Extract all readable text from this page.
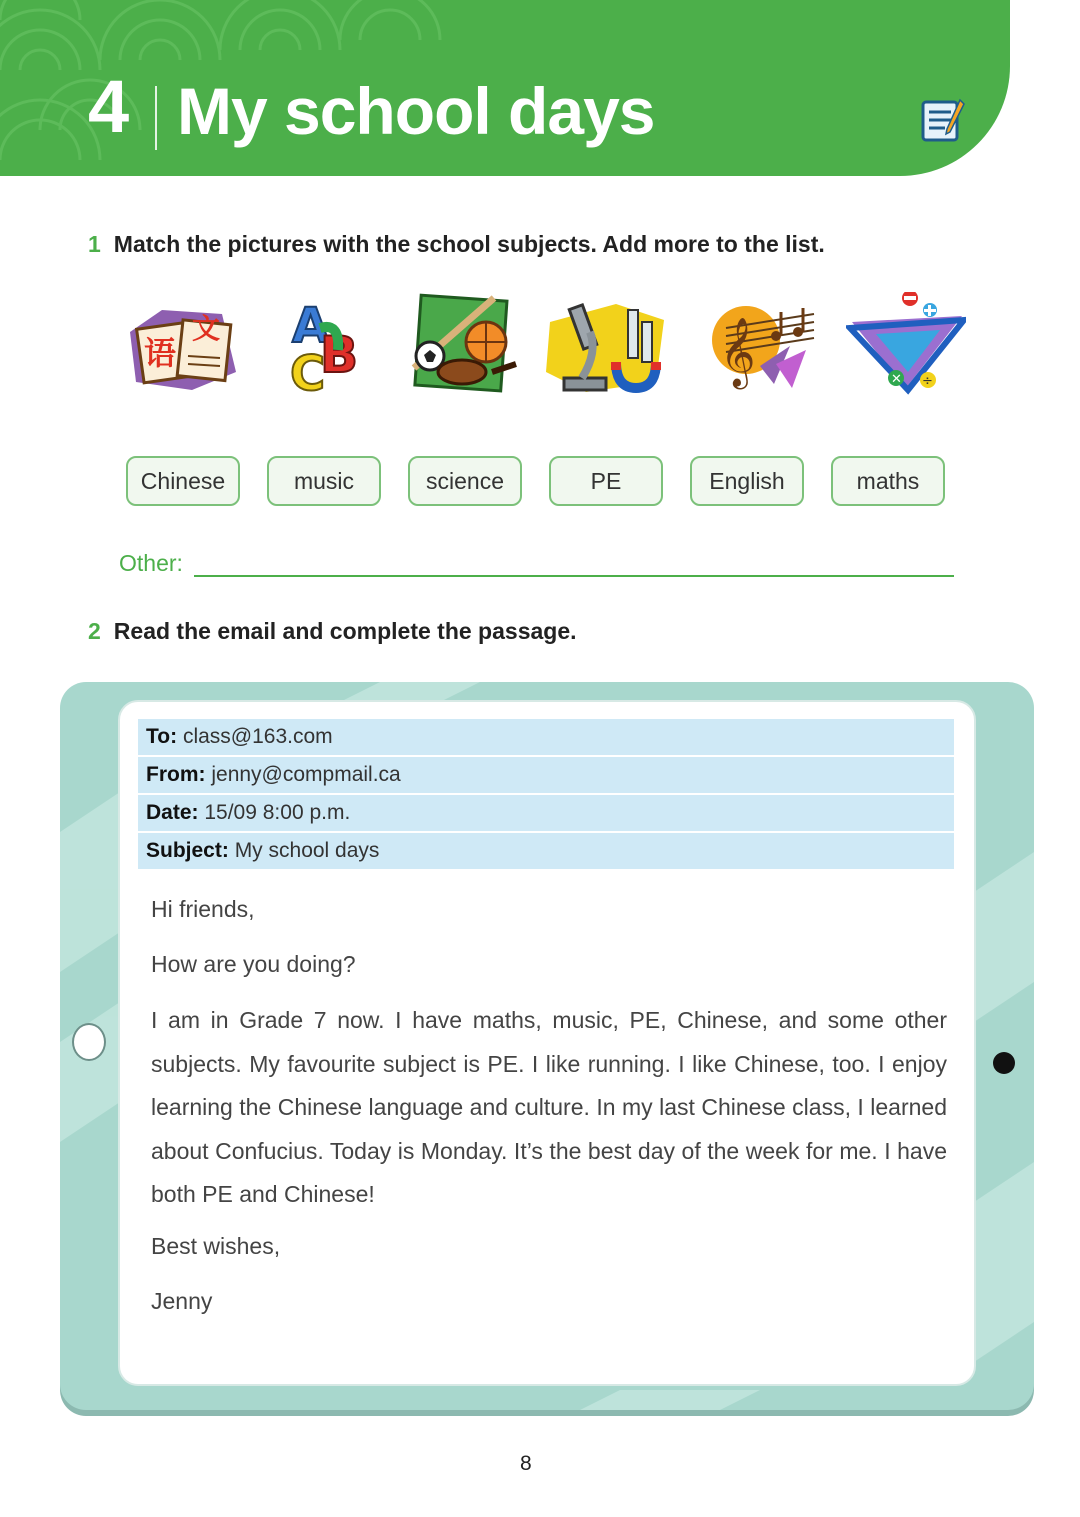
4 My school days
1 Match the pictures with the school subjects. Add more to the list.
语
文 A
C
B	𝄞	✕ ÷
Chinese	music	science	PE	English	maths
Other:
2 Read the email and complete the passage.
To: class@163.com
From: jenny@compmail.ca
Date: 15/09 8:00 p.m.
Subject: My school days
Hi friends,
How are you doing?
I am in Grade 7 now. I have maths, music, PE, Chinese, and some other subjects. My favourite subject is PE. I like running. I like Chinese, too. I enjoy learning the Chinese language and culture. In my last Chinese class, I learned about Confucius. Today is Monday. It’s the best day of the week for me. I have both PE and Chinese!
Best wishes,
Jenny
8
